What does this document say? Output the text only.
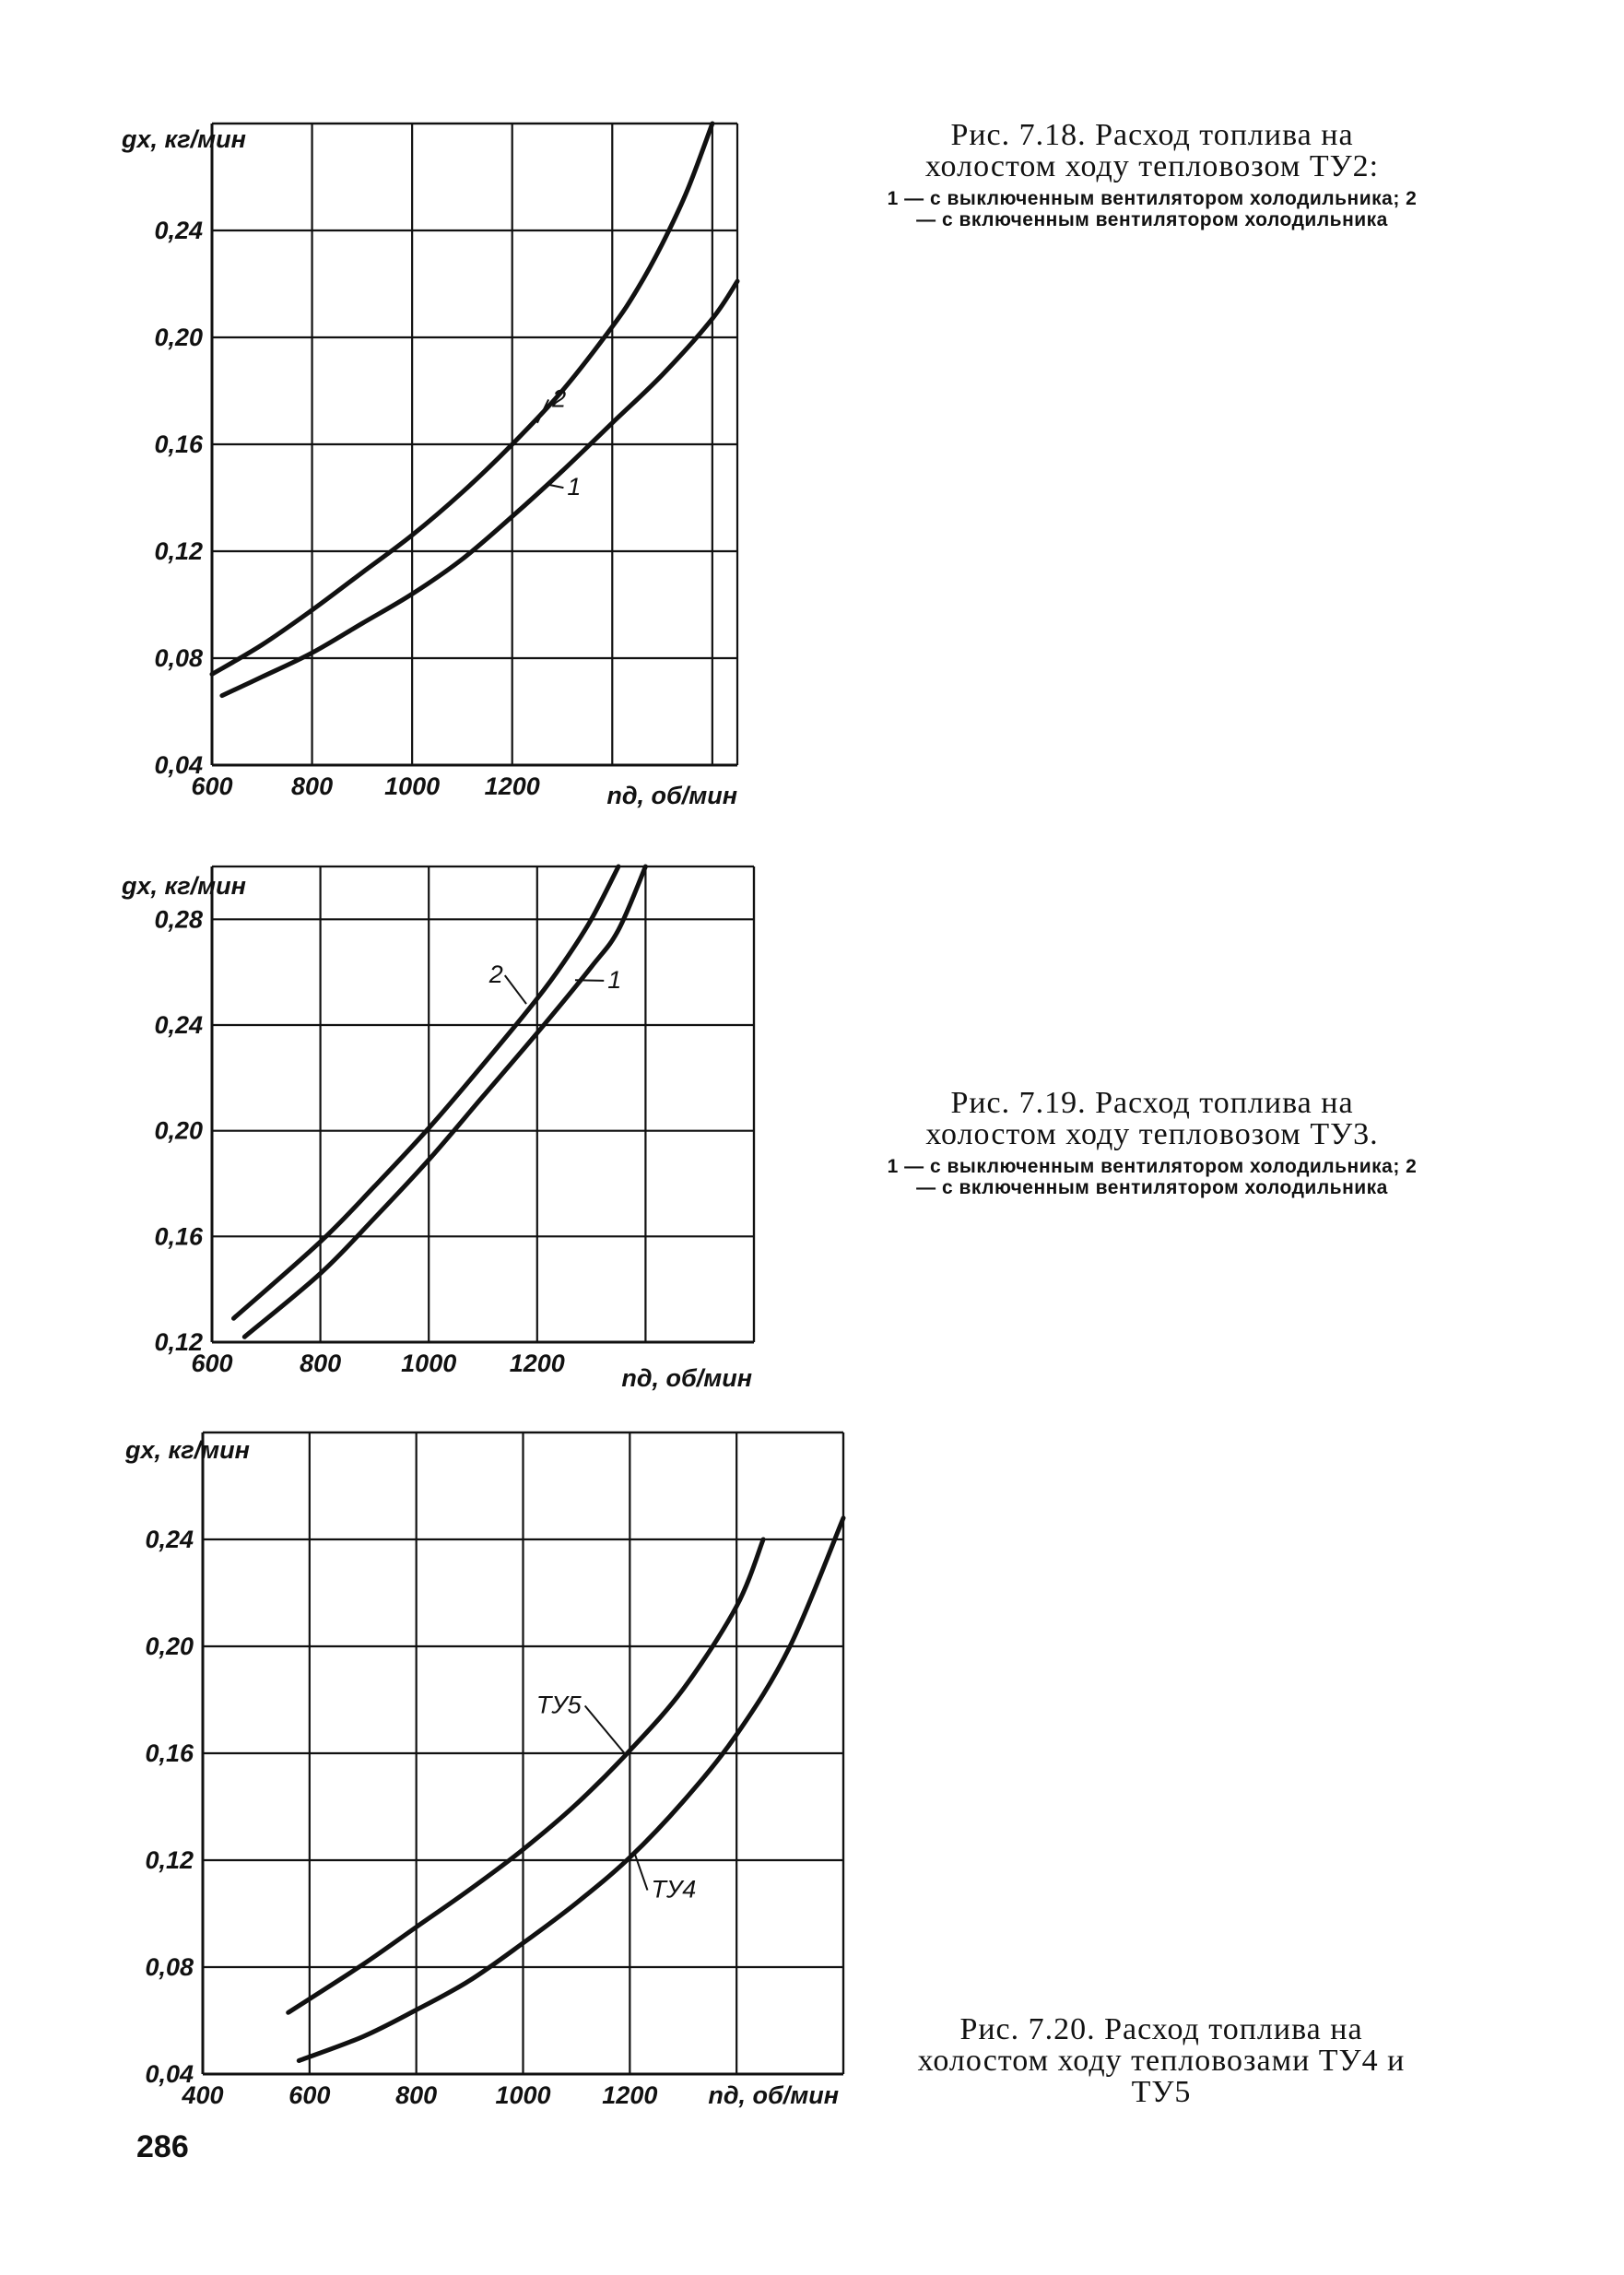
0,04
0,08
0,12
0,16
0,20
0,24
600 800 1000 1200
gх, кг/мин
nд, об/мин
2
1
Рис. 7.18. Расход топлива на холостом ходу тепловозом ТУ2:
1 — с выключенным вентилятором холодильника; 2 — с включенным вентилятором холодильника
0,12
0,16
0,20
0,24
0,28
600	800 1000 1200
gх, кг/мин
nд, об/мин
2	1
Рис. 7.19. Расход топлива на холостом ходу тепловозом ТУ3.
1 — с выключенным вентилятором холодильника; 2 — с включенным вентилятором холодильника
0,04
0,08
0,12
0,16
0,20
0,24
400	600	800 1000 1200
gх, кг/мин
nд, об/мин
ТУ5
ТУ4
Рис. 7.20. Расход топлива на холостом ходу тепловозами ТУ4 и ТУ5
286
